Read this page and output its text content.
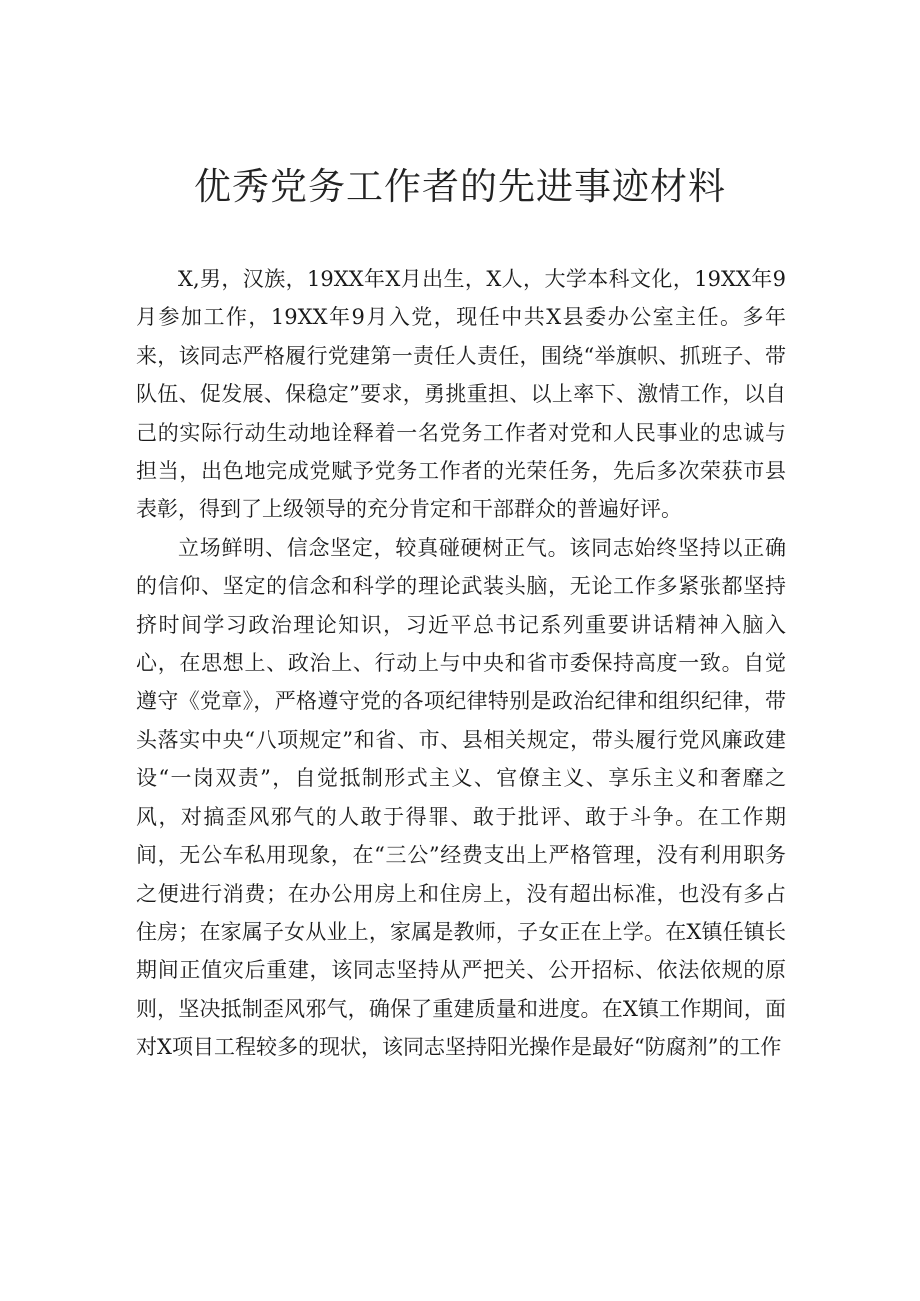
优秀党务工作者的先进事迹材料

X,男，汉族，19XX年X月出生，X人，大学本科文化，19XX年9月参加工作，19XX年9月入党，现任中共X县委办公室主任。多年来，该同志严格履行党建第一责任人责任，围绕“举旗帜、抓班子、带队伍、促发展、保稳定”要求，勇挑重担、以上率下、激情工作，以自己的实际行动生动地诠释着一名党务工作者对党和人民事业的忠诚与担当，出色地完成党赋予党务工作者的光荣任务，先后多次荣获市县表彰，得到了上级领导的充分肯定和干部群众的普遍好评。

立场鲜明、信念坚定，较真碰硬树正气。该同志始终坚持以正确的信仰、坚定的信念和科学的理论武装头脑，无论工作多紧张都坚持挤时间学习政治理论知识，习近平总书记系列重要讲话精神入脑入心，在思想上、政治上、行动上与中央和省市委保持高度一致。自觉遵守《党章》，严格遵守党的各项纪律特别是政治纪律和组织纪律，带头落实中央“八项规定”和省、市、县相关规定，带头履行党风廉政建设“一岗双责”，自觉抵制形式主义、官僚主义、享乐主义和奢靡之风，对搞歪风邪气的人敢于得罪、敢于批评、敢于斗争。在工作期间，无公车私用现象，在“三公”经费支出上严格管理，没有利用职务之便进行消费；在办公用房上和住房上，没有超出标准，也没有多占住房；在家属子女从业上，家属是教师，子女正在上学。在X镇任镇长期间正值灾后重建，该同志坚持从严把关、公开招标、依法依规的原则，坚决抵制歪风邪气，确保了重建质量和进度。在X镇工作期间，面对X项目工程较多的现状，该同志坚持阳光操作是最好“防腐剂”的工作
